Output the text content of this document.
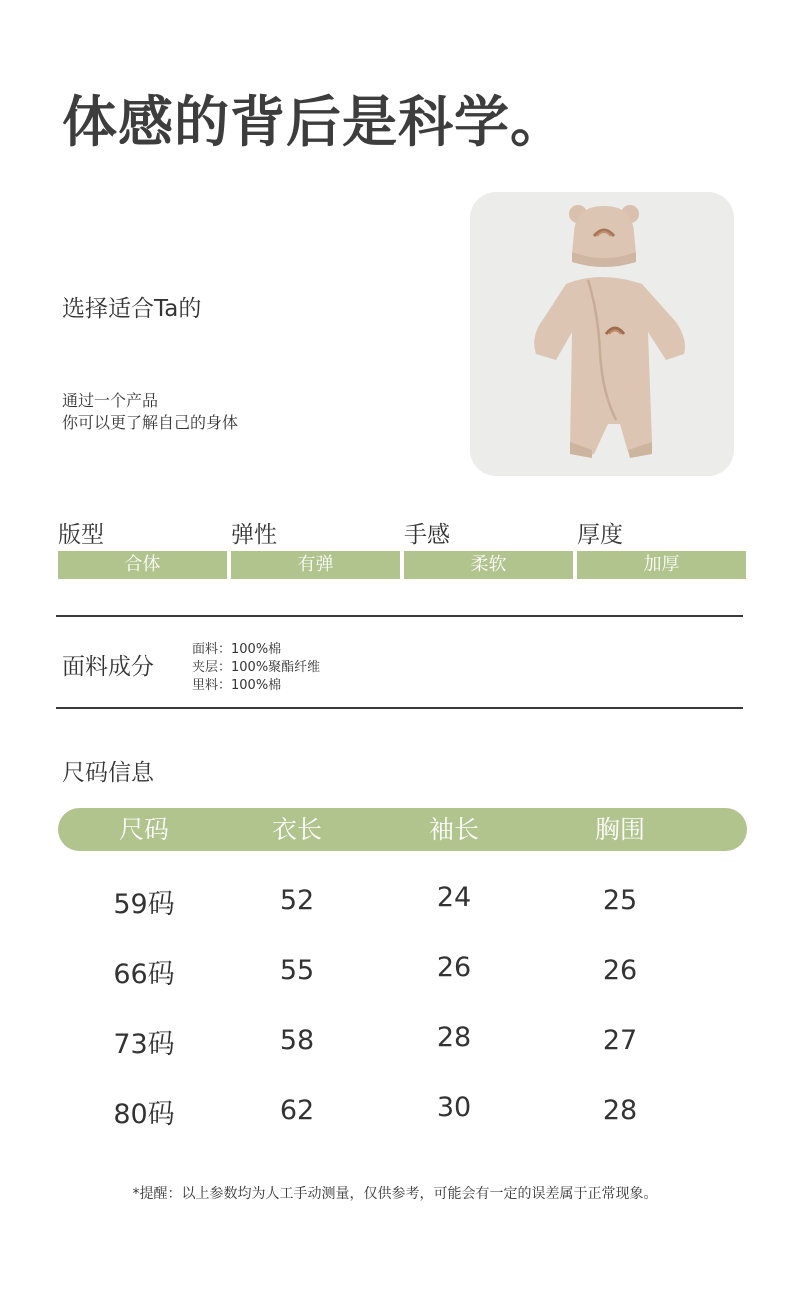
体感的背后是科学。
选择适合Ta的
通过一个产品
你可以更了解自己的身体
版型	弹性	手感	厚度
合体	有弹	柔软	加厚
面料成分
面料：100%棉
夹层：100%聚酯纤维
里料：100%棉
尺码信息
尺码	衣长	袖长	胸围
59码	52	24	25
66码	55	26	26
73码	58	28	27
80码	62	30	28
*提醒：以上参数均为人工手动测量，仅供参考，可能会有一定的误差属于正常现象。
